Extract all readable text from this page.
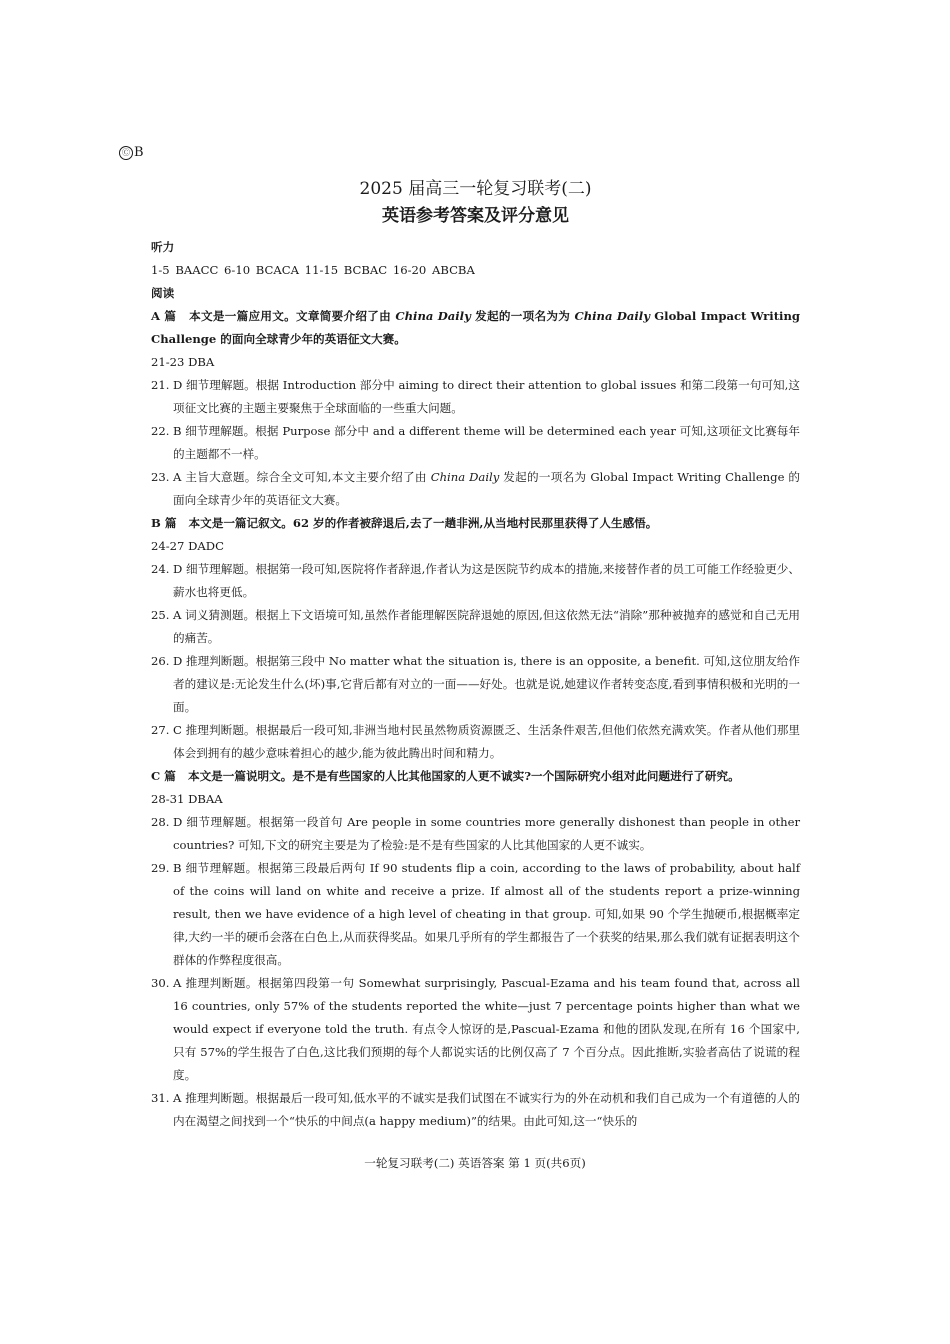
Ⓒ B

2025 届高三一轮复习联考(二)

英语参考答案及评分意见

听力

1-5 BAACC 6-10 BCACA 11-15 BCBAC 16-20 ABCBA

阅读

A 篇 本文是一篇应用文。文章简要介绍了由 China Daily 发起的一项名为为 China Daily Global Impact Writing Challenge 的面向全球青少年的英语征文大赛。

21-23 DBA

21. D 细节理解题。根据 Introduction 部分中 aiming to direct their attention to global issues 和第二段第一句可知,这项征文比赛的主题主要聚焦于全球面临的一些重大问题。

22. B 细节理解题。根据 Purpose 部分中 and a different theme will be determined each year 可知,这项征文比赛每年的主题都不一样。

23. A 主旨大意题。综合全文可知,本文主要介绍了由 China Daily 发起的一项名为 Global Impact Writing Challenge 的面向全球青少年的英语征文大赛。

B 篇 本文是一篇记叙文。62 岁的作者被辞退后,去了一趟非洲,从当地村民那里获得了人生感悟。

24-27 DADC

24. D 细节理解题。根据第一段可知,医院将作者辞退,作者认为这是医院节约成本的措施,来接替作者的员工可能工作经验更少、薪水也将更低。

25. A 词义猜测题。根据上下文语境可知,虽然作者能理解医院辞退她的原因,但这依然无法“消除”那种被抛弃的感觉和自己无用的痛苦。

26. D 推理判断题。根据第三段中 No matter what the situation is, there is an opposite, a benefit. 可知,这位朋友给作者的建议是:无论发生什么(坏)事,它背后都有对立的一面——好处。也就是说,她建议作者转变态度,看到事情积极和光明的一面。

27. C 推理判断题。根据最后一段可知,非洲当地村民虽然物质资源匮乏、生活条件艰苦,但他们依然充满欢笑。作者从他们那里体会到拥有的越少意味着担心的越少,能为彼此腾出时间和精力。

C 篇 本文是一篇说明文。是不是有些国家的人比其他国家的人更不诚实?一个国际研究小组对此问题进行了研究。

28-31 DBAA

28. D 细节理解题。根据第一段首句 Are people in some countries more generally dishonest than people in other countries? 可知,下文的研究主要是为了检验:是不是有些国家的人比其他国家的人更不诚实。

29. B 细节理解题。根据第三段最后两句 If 90 students flip a coin, according to the laws of probability, about half of the coins will land on white and receive a prize. If almost all of the students report a prize-winning result, then we have evidence of a high level of cheating in that group. 可知,如果 90 个学生抛硬币,根据概率定律,大约一半的硬币会落在白色上,从而获得奖品。如果几乎所有的学生都报告了一个获奖的结果,那么我们就有证据表明这个群体的作弊程度很高。

30. A 推理判断题。根据第四段第一句 Somewhat surprisingly, Pascual-Ezama and his team found that, across all 16 countries, only 57% of the students reported the white—just 7 percentage points higher than what we would expect if everyone told the truth. 有点令人惊讶的是,Pascual-Ezama 和他的团队发现,在所有 16 个国家中,只有 57%的学生报告了白色,这比我们预期的每个人都说实话的比例仅高了 7 个百分点。因此推断,实验者高估了说谎的程度。

31. A 推理判断题。根据最后一段可知,低水平的不诚实是我们试图在不诚实行为的外在动机和我们自己成为一个有道德的人的内在渴望之间找到一个“快乐的中间点(a happy medium)”的结果。由此可知,这一“快乐的

一轮复习联考(二) 英语答案 第 1 页(共6页)
